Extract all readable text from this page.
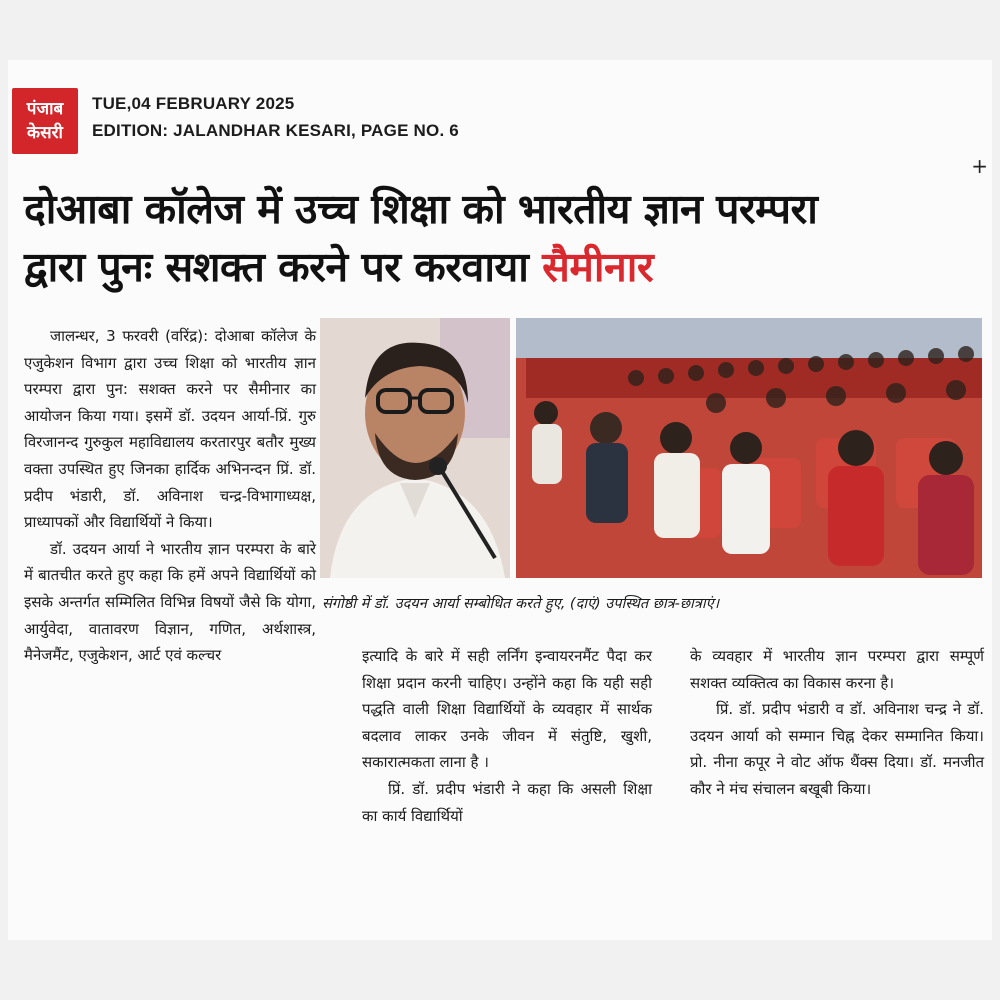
पंजाब
केसरी
TUE,04 FEBRUARY 2025
EDITION: JALANDHAR KESARI, PAGE NO. 6
+
दोआबा कॉलेज में उच्च शिक्षा को भारतीय ज्ञान परम्परा
द्वारा पुनः सशक्त करने पर करवाया सैमीनार
संगोष्ठी में डॉ. उदयन आर्या सम्बोधित करते हुए, (दाएं) उपस्थित छात्र-छात्राएं।

जालन्धर, 3 फरवरी (वरिंद्र): दोआबा कॉलेज के एजुकेशन विभाग द्वारा उच्च शिक्षा को भारतीय ज्ञान परम्परा द्वारा पुन: सशक्त करने पर सैमीनार का आयोजन किया गया। इसमें डॉ. उदयन आर्या-प्रिं. गुरु विरजानन्द गुरुकुल महाविद्यालय करतारपुर बतौर मुख्य वक्ता उपस्थित हुए जिनका हार्दिक अभिनन्दन प्रिं. डॉ. प्रदीप भंडारी, डॉ. अविनाश चन्द्र-विभागाध्यक्ष, प्राध्यापकों और विद्यार्थियों ने किया।

डॉ. उदयन आर्या ने भारतीय ज्ञान परम्परा के बारे में बातचीत करते हुए कहा कि हमें अपने विद्यार्थियों को इसके अन्तर्गत सम्मिलित विभिन्न विषयों जैसे कि योगा, आर्युवेदा, वातावरण विज्ञान, गणित, अर्थशास्त्र, मैनेजमैंट, एजुकेशन, आर्ट एवं कल्चर	इत्यादि के बारे में सही लर्निंग इन्वायरनमैंट पैदा कर शिक्षा प्रदान करनी चाहिए। उन्होंने कहा कि यही सही पद्धति वाली शिक्षा विद्यार्थियों के व्यवहार में सार्थक बदलाव लाकर उनके जीवन में संतुष्टि, खुशी, सकारात्मकता लाना है ।

प्रिं. डॉ. प्रदीप भंडारी ने कहा कि असली शिक्षा का कार्य विद्यार्थियों

के व्यवहार में भारतीय ज्ञान परम्परा द्वारा सम्पूर्ण सशक्त व्यक्तित्व का विकास करना है।

प्रिं. डॉ. प्रदीप भंडारी व डॉ. अविनाश चन्द्र ने डॉ. उदयन आर्या को सम्मान चिह्न देकर सम्मानित किया। प्रो. नीना कपूर ने वोट ऑफ थैंक्स दिया। डॉ. मनजीत कौर ने मंच संचालन बखूबी किया।
